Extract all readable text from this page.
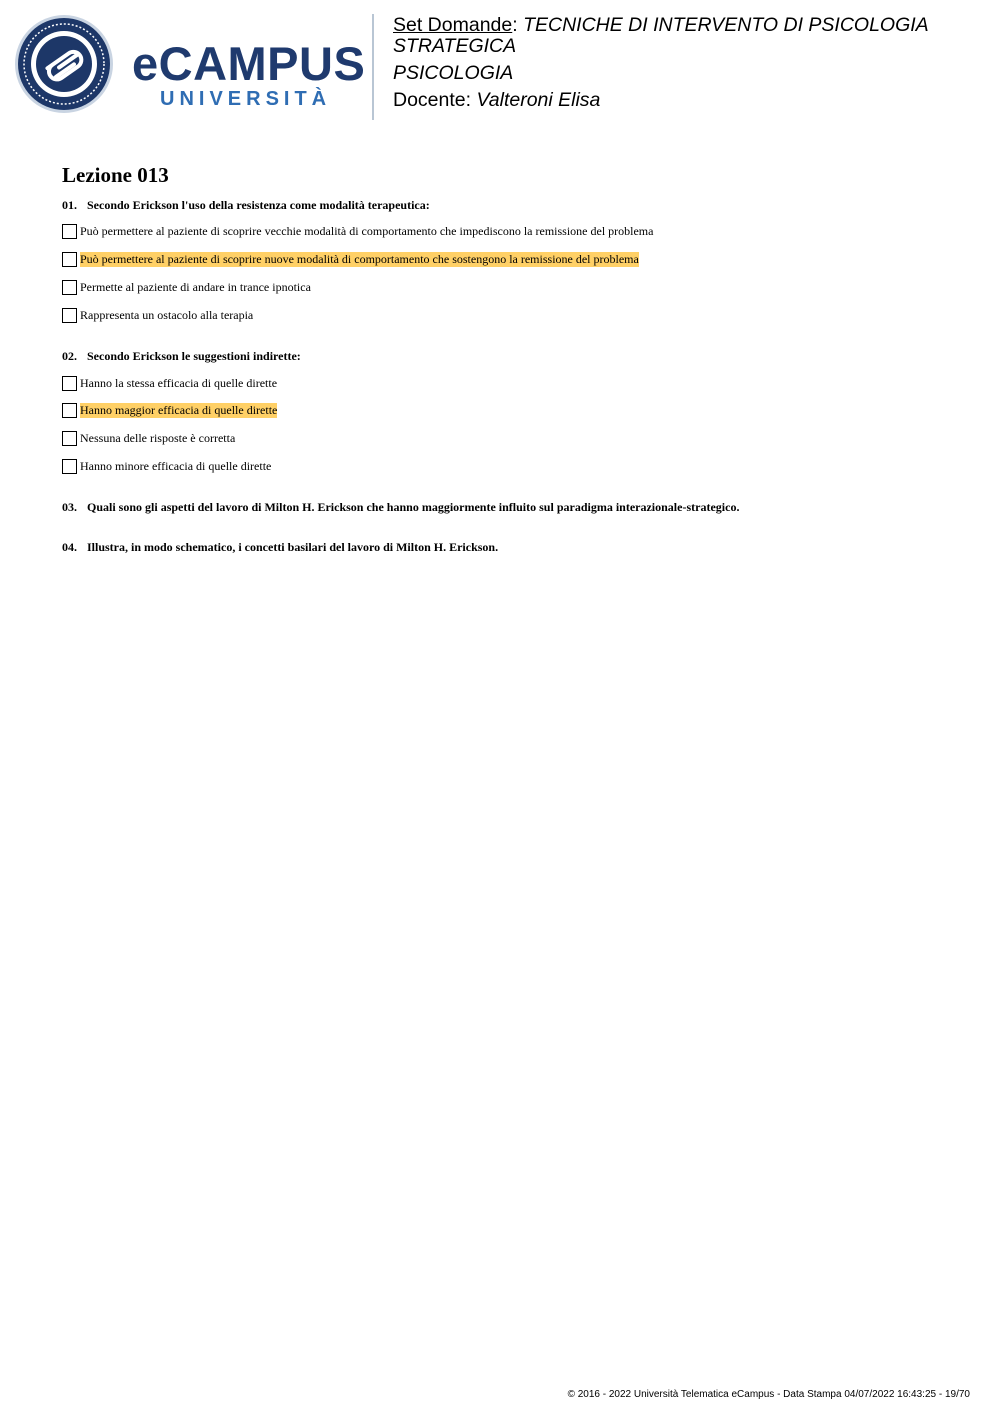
eCAMPUS
UNIVERSITÀ
Set Domande: TECNICHE DI INTERVENTO DI PSICOLOGIA STRATEGICA
PSICOLOGIA
Docente: Valteroni Elisa
Lezione 013
01. Secondo Erickson l'uso della resistenza come modalità terapeutica:
Può permettere al paziente di scoprire vecchie modalità di comportamento che impediscono la remissione del problema
Può permettere al paziente di scoprire nuove modalità di comportamento che sostengono la remissione del problema
Permette al paziente di andare in trance ipnotica
Rappresenta un ostacolo alla terapia
02. Secondo Erickson le suggestioni indirette:
Hanno la stessa efficacia di quelle dirette
Hanno maggior efficacia di quelle dirette
Nessuna delle risposte è corretta
Hanno minore efficacia di quelle dirette
03. Quali sono gli aspetti del lavoro di Milton H. Erickson che hanno maggiormente influito sul paradigma interazionale-strategico.
04. Illustra, in modo schematico, i concetti basilari del lavoro di Milton H. Erickson.
© 2016 - 2022 Università Telematica eCampus - Data Stampa 04/07/2022 16:43:25 - 19/70
